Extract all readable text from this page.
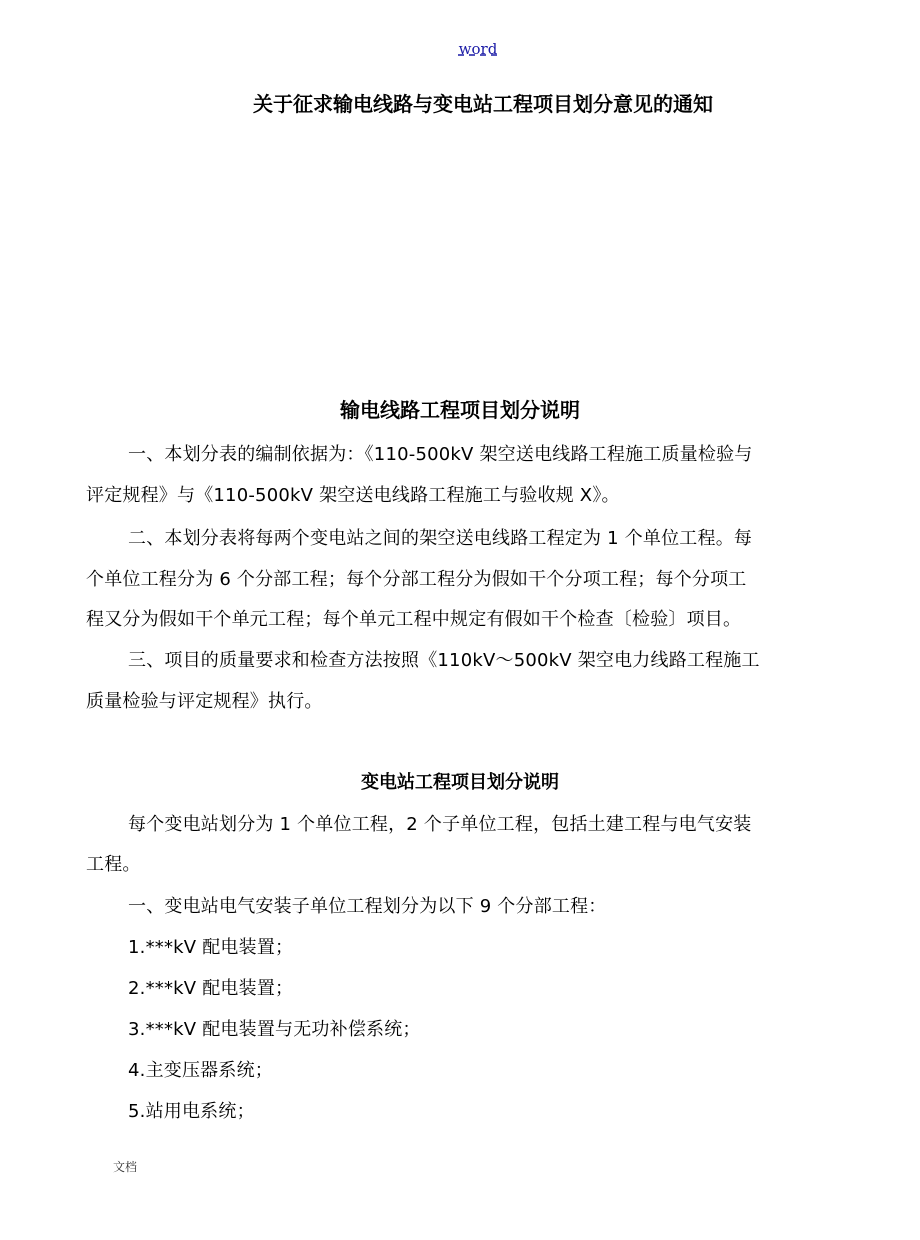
word
关于征求输电线路与变电站工程项目划分意见的通知
输电线路工程项目划分说明
一、本划分表的编制依据为：《110-500kV 架空送电线路工程施工质量检验与
评定规程》与《110-500kV 架空送电线路工程施工与验收规 X》。
二、本划分表将每两个变电站之间的架空送电线路工程定为 1 个单位工程。每
个单位工程分为 6 个分部工程；每个分部工程分为假如干个分项工程；每个分项工
程又分为假如干个单元工程；每个单元工程中规定有假如干个检查〔检验〕项目。
三、项目的质量要求和检查方法按照《110kV～500kV 架空电力线路工程施工
质量检验与评定规程》执行。
变电站工程项目划分说明
每个变电站划分为 1 个单位工程，2 个子单位工程，包括土建工程与电气安装
工程。
一、变电站电气安装子单位工程划分为以下 9 个分部工程：
1.***kV 配电装置；
2.***kV 配电装置；
3.***kV 配电装置与无功补偿系统；
4.主变压器系统；
5.站用电系统；
文档
